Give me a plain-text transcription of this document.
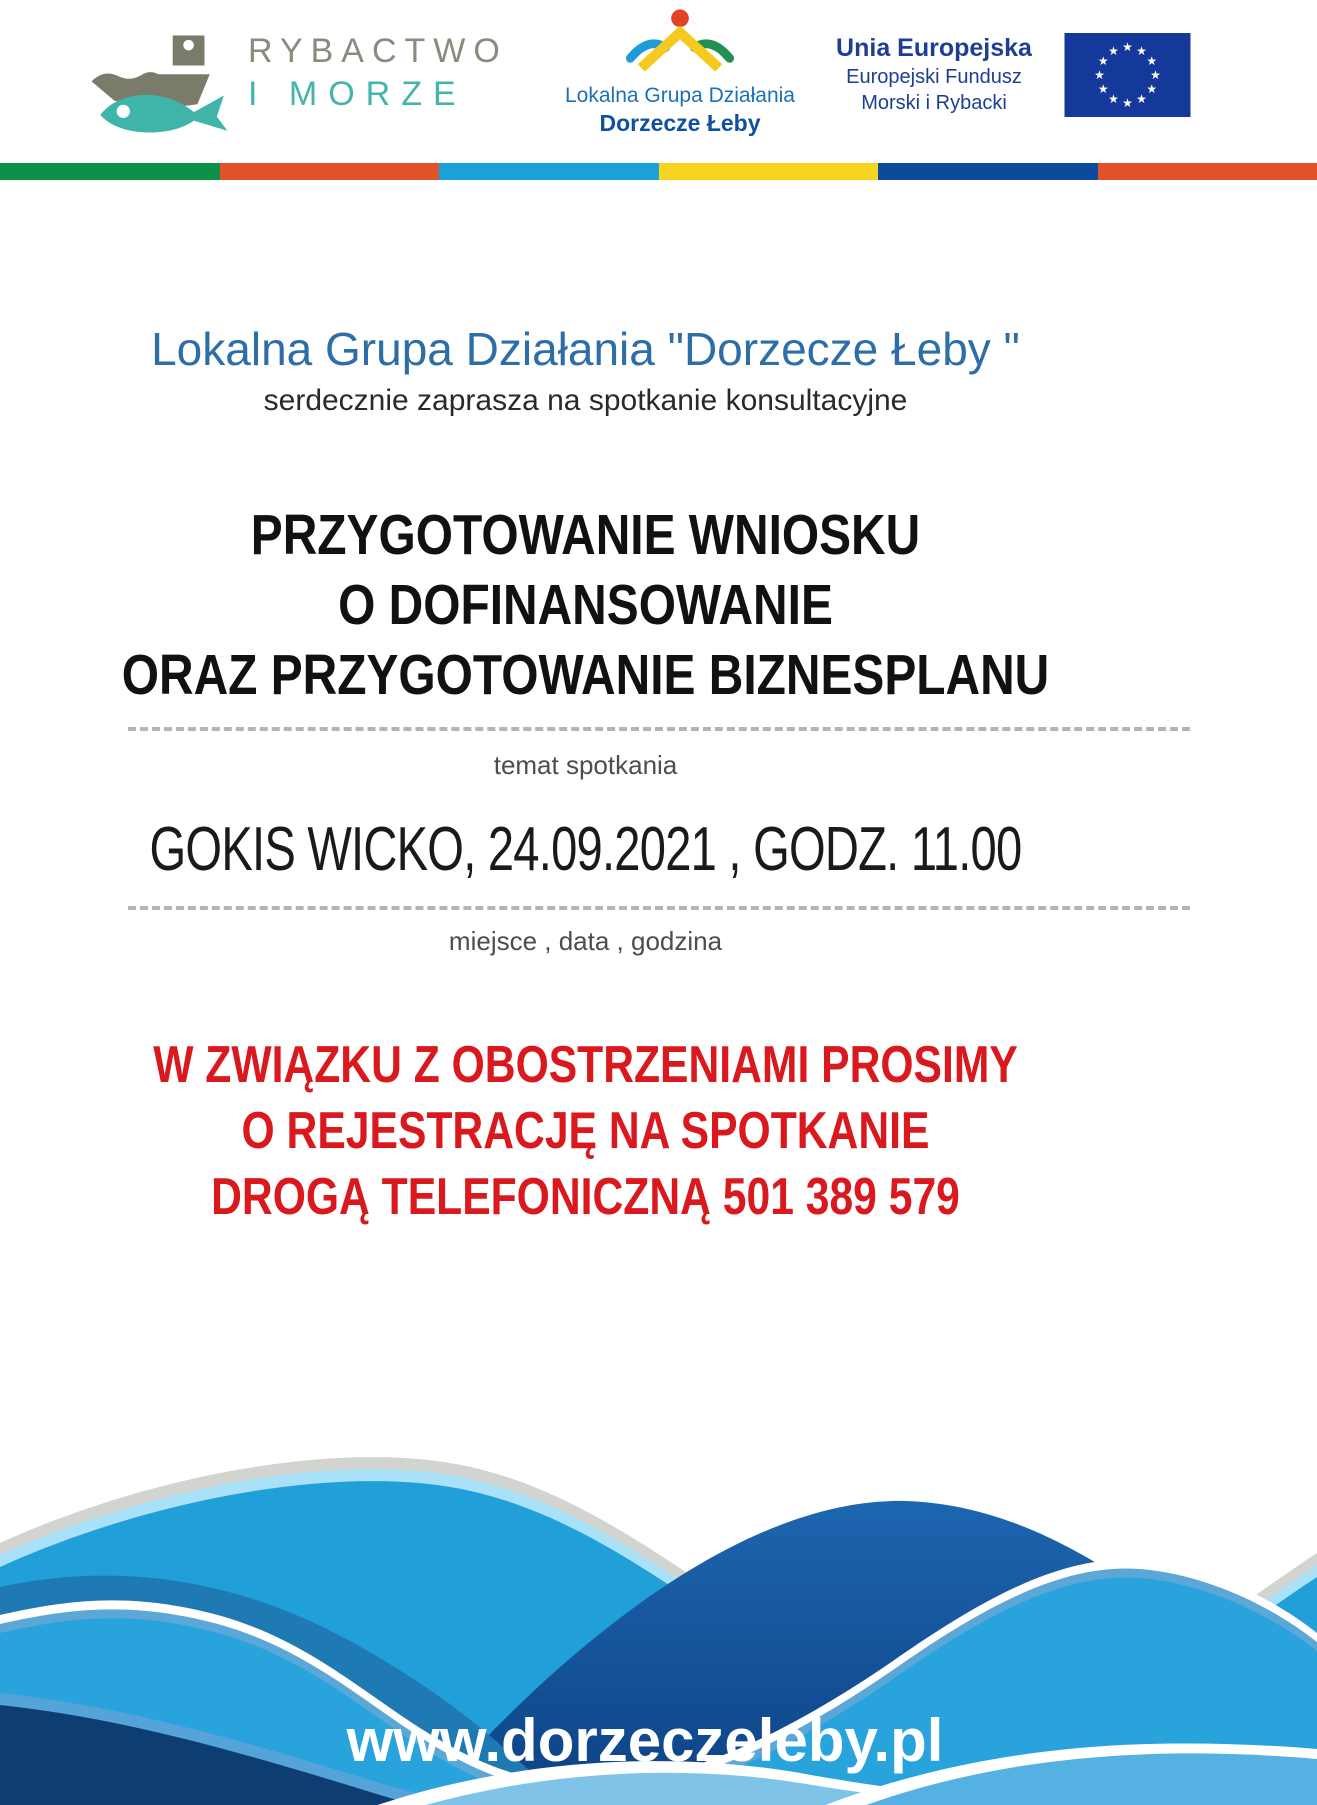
RYBACTWO
I MORZE	Lokalna Grupa Działania
Dorzecze Łeby
Unia Europejska
Europejski Fundusz
Morski i Rybacki
★ ★
★
★
★
★
★
★
★
★
★
★
Lokalna Grupa Działania "Dorzecze Łeby "
serdecznie zaprasza na spotkanie konsultacyjne
PRZYGOTOWANIE WNIOSKU
O DOFINANSOWANIE
ORAZ PRZYGOTOWANIE BIZNESPLANU
temat spotkania
GOKIS WICKO, 24.09.2021 , GODZ. 11.00
miejsce , data , godzina
W ZWIĄZKU Z OBOSTRZENIAMI PROSIMY
O REJESTRACJĘ NA SPOTKANIE
DROGĄ TELEFONICZNĄ 501 389 579
www.dorzeczeleby.pl
